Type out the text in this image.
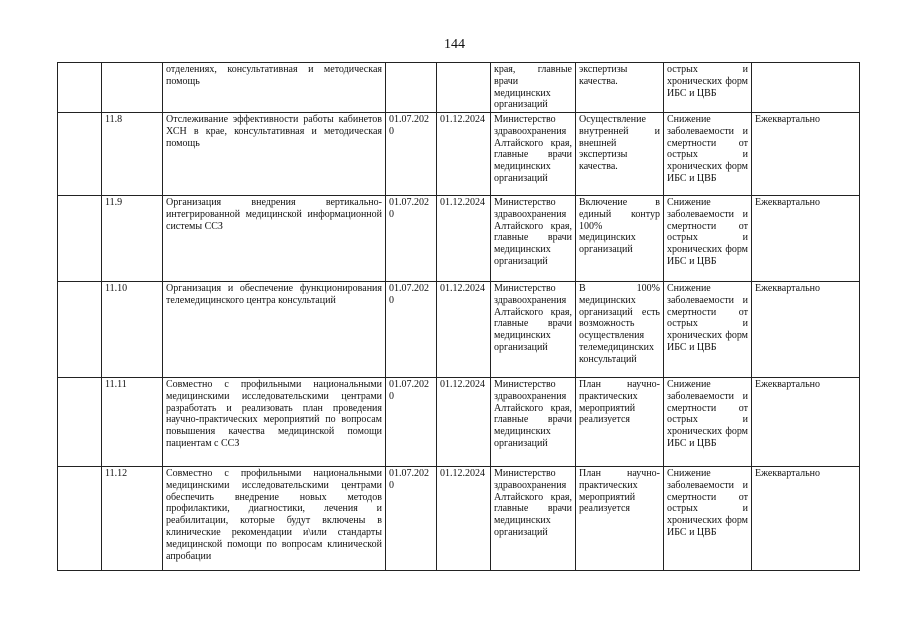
144
		отделениях, консультативная и методическая помощь			края, главные врачи медицинских организаций	экспертизы качества.	острых и хронических форм ИБС и ЦВБ	
	11.8	Отслеживание эффективности работы кабинетов ХСН в крае, консультативная и методическая помощь	01.07.2020	01.12.2024	Министерство здравоохранения Алтайского края, главные врачи медицинских организаций	Осуществление внутренней и внешней экспертизы качества.	Снижение заболеваемости и смертности от острых и хронических форм ИБС и ЦВБ	Ежеквартально
	11.9	Организация внедрения вертикально-интегрированной медицинской информационной системы ССЗ	01.07.2020	01.12.2024	Министерство здравоохранения Алтайского края, главные врачи медицинских организаций	Включение в единый контур 100% медицинских организаций	Снижение заболеваемости и смертности от острых и хронических форм ИБС и ЦВБ	Ежеквартально
	11.10	Организация и обеспечение функционирования телемедицинского центра консультаций	01.07.2020	01.12.2024	Министерство здравоохранения Алтайского края, главные врачи медицинских организаций	В 100% медицинских организаций есть возможность осуществления телемедицинских консультаций	Снижение заболеваемости и смертности от острых и хронических форм ИБС и ЦВБ	Ежеквартально
	11.11	Совместно с профильными национальными медицинскими исследовательскими центрами разработать и реализовать план проведения научно-практических мероприятий по вопросам повышения качества медицинской помощи пациентам с ССЗ	01.07.2020	01.12.2024	Министерство здравоохранения Алтайского края, главные врачи медицинских организаций	План научно-практических мероприятий реализуется	Снижение заболеваемости и смертности от острых и хронических форм ИБС и ЦВБ	Ежеквартально
	11.12	Совместно с профильными национальными медицинскими исследовательскими центрами обеспечить внедрение новых методов профилактики, диагностики, лечения и реабилитации, которые будут включены в клинические рекомендации и\или стандарты медицинской помощи по вопросам клинической апробации	01.07.2020	01.12.2024	Министерство здравоохранения Алтайского края, главные врачи медицинских организаций	План научно-практических мероприятий реализуется	Снижение заболеваемости и смертности от острых и хронических форм ИБС и ЦВБ	Ежеквартально
